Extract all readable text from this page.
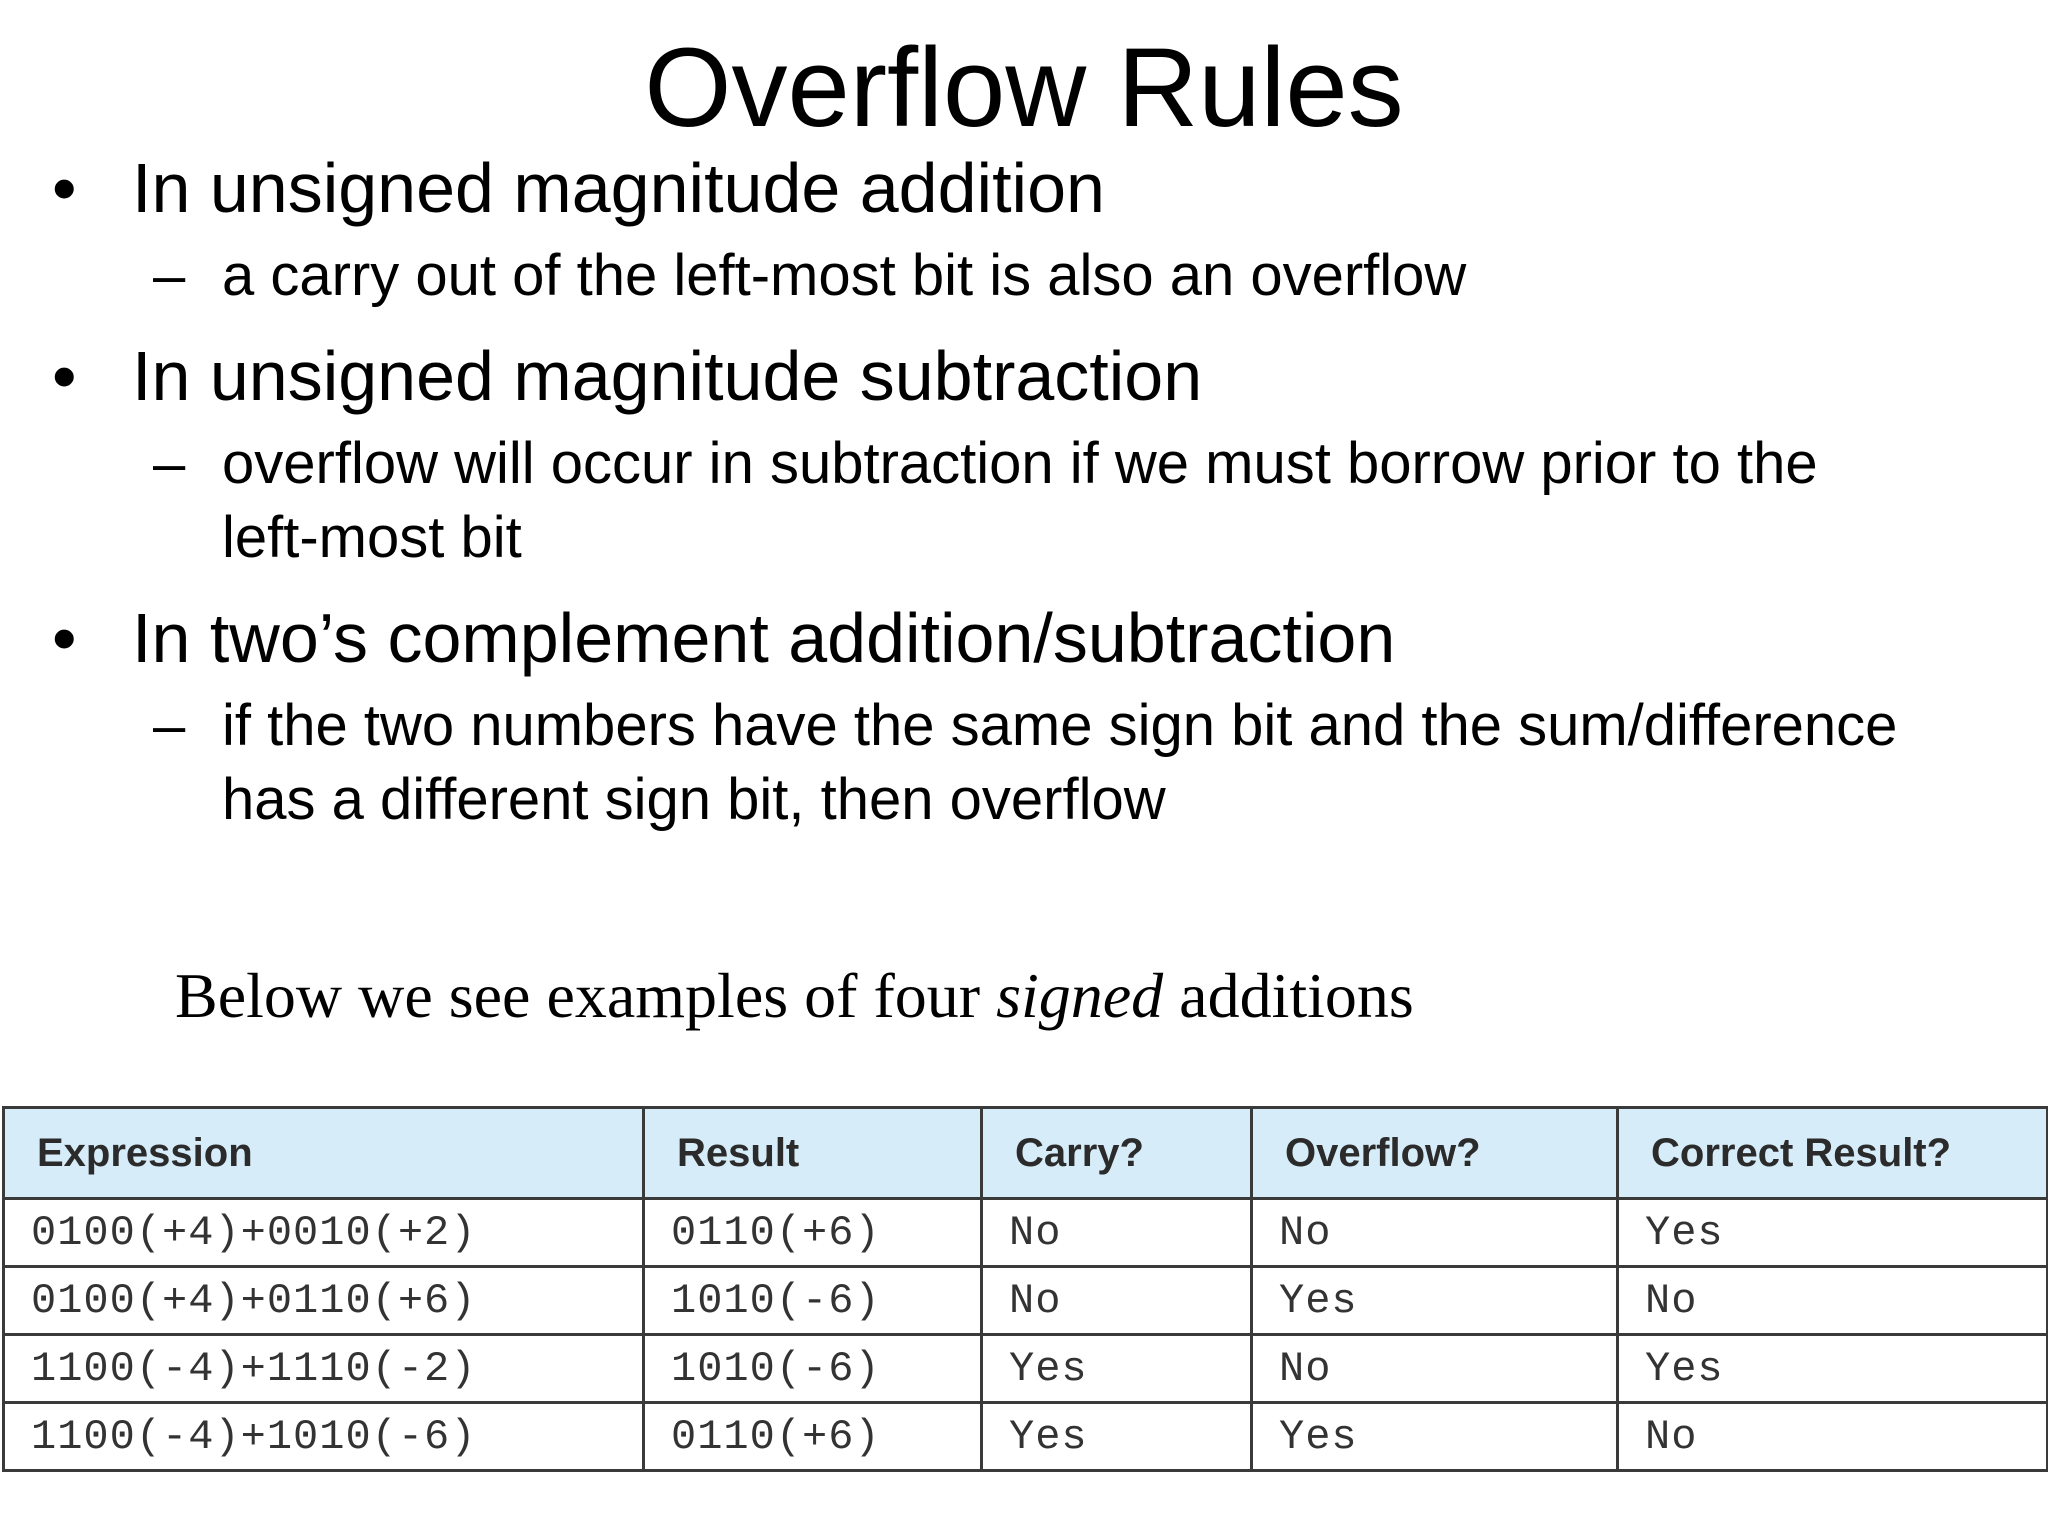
Overflow Rules
• In unsigned magnitude addition
– a carry out of the left-most bit is also an overflow
• In unsigned magnitude subtraction
– overflow will occur in subtraction if we must borrow prior to the left-most bit
• In two’s complement addition/subtraction
– if the two numbers have the same sign bit and the sum/difference has a different sign bit, then overflow
Below we see examples of four signed additions
Expression	Result	Carry?	Overflow?	Correct Result?
0100(+4)+0010(+2)	0110(+6)	No	No	Yes
0100(+4)+0110(+6)	1010(-6)	No	Yes	No
1100(-4)+1110(-2)	1010(-6)	Yes	No	Yes
1100(-4)+1010(-6)	0110(+6)	Yes	Yes	No
